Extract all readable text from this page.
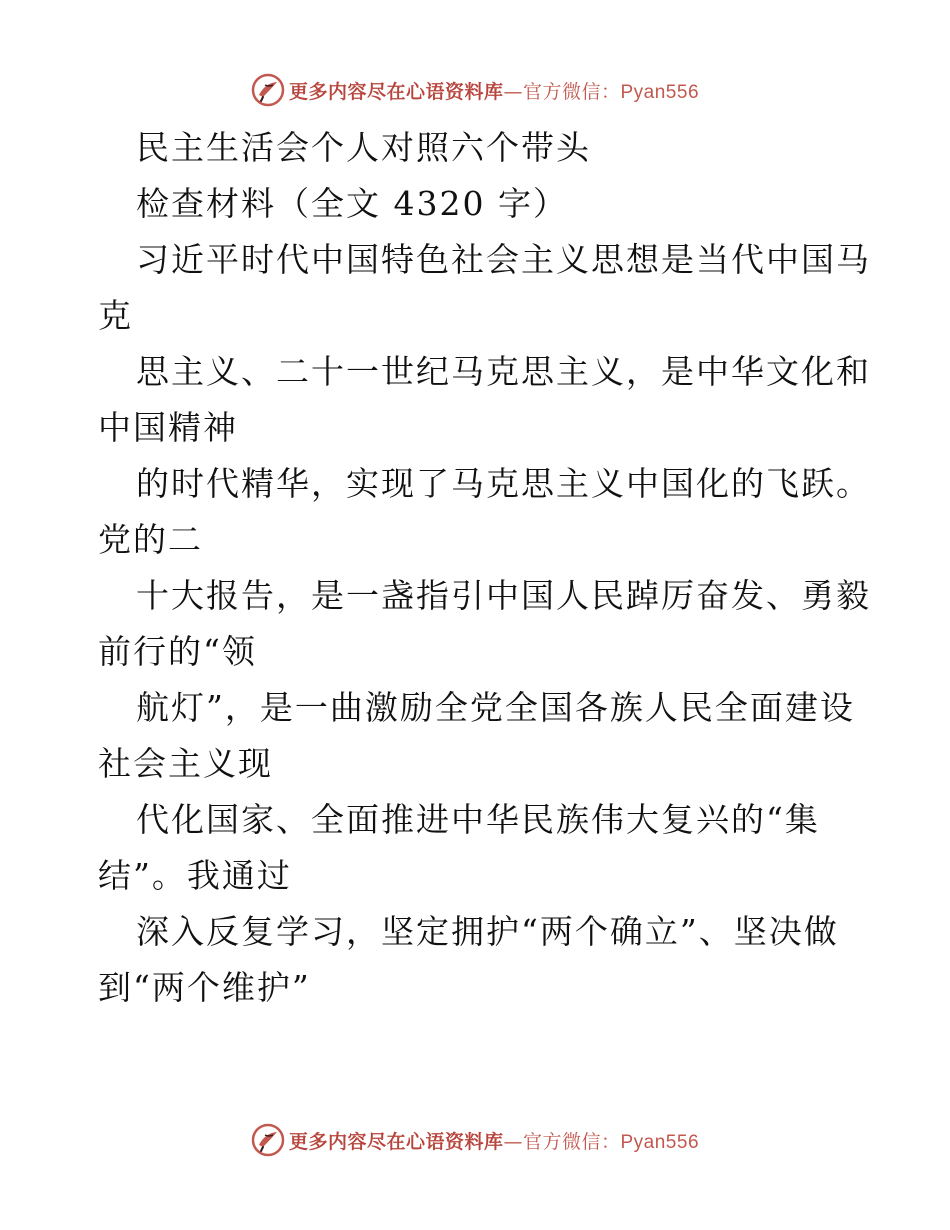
更多内容尽在心语资料库—官方微信：Pyan556
民主生活会个人对照六个带头
检查材料（全文 4320 字）
习近平时代中国特色社会主义思想是当代中国马
克
思主义、二十一世纪马克思主义，是中华文化和
中国精神
的时代精华，实现了马克思主义中国化的飞跃。
党的二
十大报告，是一盏指引中国人民踔厉奋发、勇毅
前行的“领
航灯”，是一曲激励全党全国各族人民全面建设
社会主义现
代化国家、全面推进中华民族伟大复兴的“集
结”。我通过
深入反复学习，坚定拥护“两个确立”、坚决做
到“两个维护”
更多内容尽在心语资料库—官方微信：Pyan556
